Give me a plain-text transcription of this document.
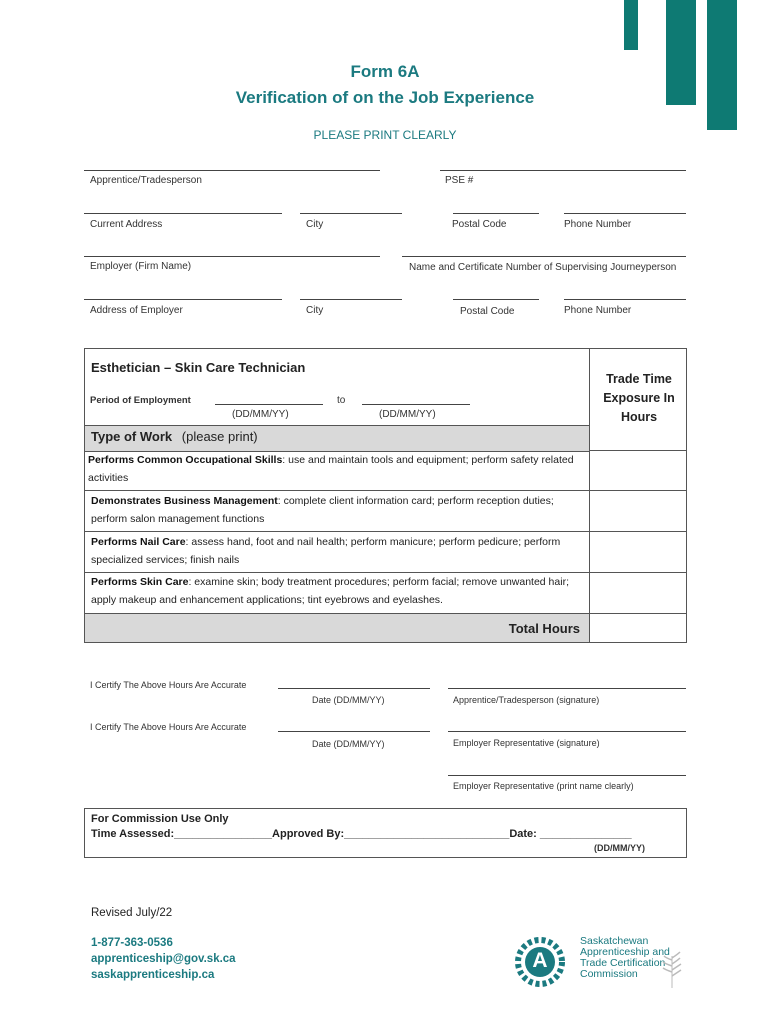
Form 6A
Verification of on the Job Experience
PLEASE PRINT CLEARLY
Apprentice/Tradesperson	PSE #
Current Address	City	Postal Code	Phone Number
Employer (Firm Name)	Name and Certificate Number of Supervising Journeyperson
Address of Employer	City	Postal Code	Phone Number
Esthetician – Skin Care Technician
Period of Employment	to
(DD/MM/YY)	(DD/MM/YY)
Trade Time Exposure In Hours
Type of Work (please print)
Performs Common Occupational Skills: use and maintain tools and equipment; perform safety related activities
Demonstrates Business Management: complete client information card; perform reception duties; perform salon management functions
Performs Nail Care: assess hand, foot and nail health; perform manicure; perform pedicure; perform specialized services; finish nails
Performs Skin Care: examine skin; body treatment procedures; perform facial; remove unwanted hair; apply makeup and enhancement applications; tint eyebrows and eyelashes.
Total Hours
I Certify The Above Hours Are Accurate
Date (DD/MM/YY)	Apprentice/Tradesperson (signature)
I Certify The Above Hours Are Accurate
Date (DD/MM/YY)	Employer Representative (signature)
Employer Representative (print name clearly)
For Commission Use Only
Time Assessed:________________Approved By:___________________________Date: _______________
(DD/MM/YY)
Revised July/22
1-877-363-0536
apprenticeship@gov.sk.ca
saskapprenticeship.ca
A
Saskatchewan
Apprenticeship and
Trade Certification
Commission
